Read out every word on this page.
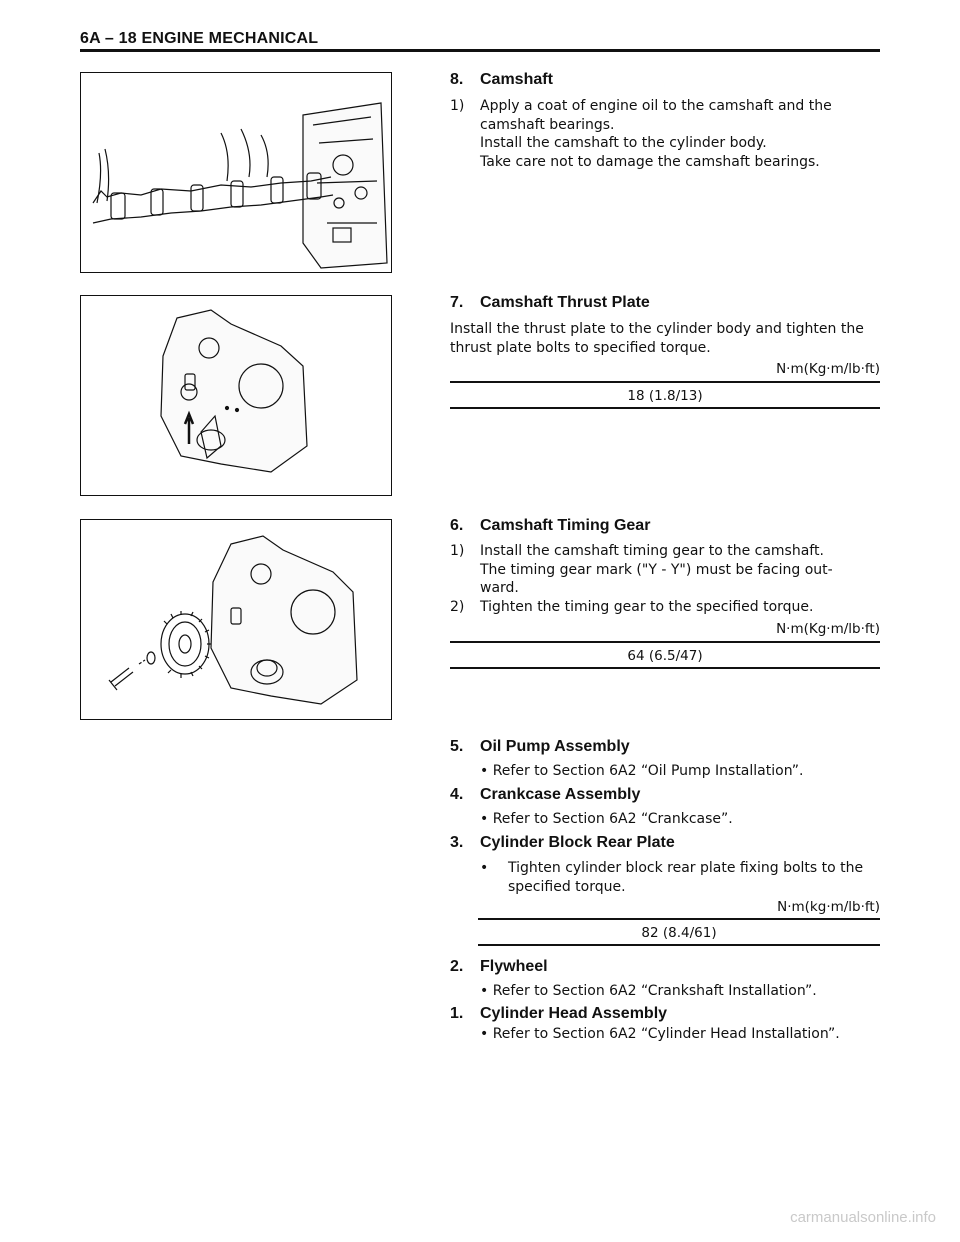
6A – 18 ENGINE MECHANICAL
8. Camshaft
1) Apply a coat of engine oil to the camshaft and the
camshaft bearings.
Install the camshaft to the cylinder body.
Take care not to damage the camshaft bearings.
7. Camshaft Thrust Plate
Install the thrust plate to the cylinder body and tighten the
thrust plate bolts to specified torque.
N·m(Kg·m/lb·ft)
18 (1.8/13)
6. Camshaft Timing Gear
1) Install the camshaft timing gear to the camshaft.
The timing gear mark ("Y - Y") must be facing out-
ward.
2) Tighten the timing gear to the specified torque.
N·m(Kg·m/lb·ft)
64 (6.5/47)
5. Oil Pump Assembly
• Refer to Section 6A2 “Oil Pump Installation”.
4. Crankcase Assembly
• Refer to Section 6A2 “Crankcase”.
3. Cylinder Block Rear Plate
• Tighten cylinder block rear plate fixing bolts to the
specified torque.
N·m(kg·m/lb·ft)
82 (8.4/61)
2. Flywheel
• Refer to Section 6A2 “Crankshaft Installation”.
1. Cylinder Head Assembly
• Refer to Section 6A2 “Cylinder Head Installation”.
carmanualsonline.info
